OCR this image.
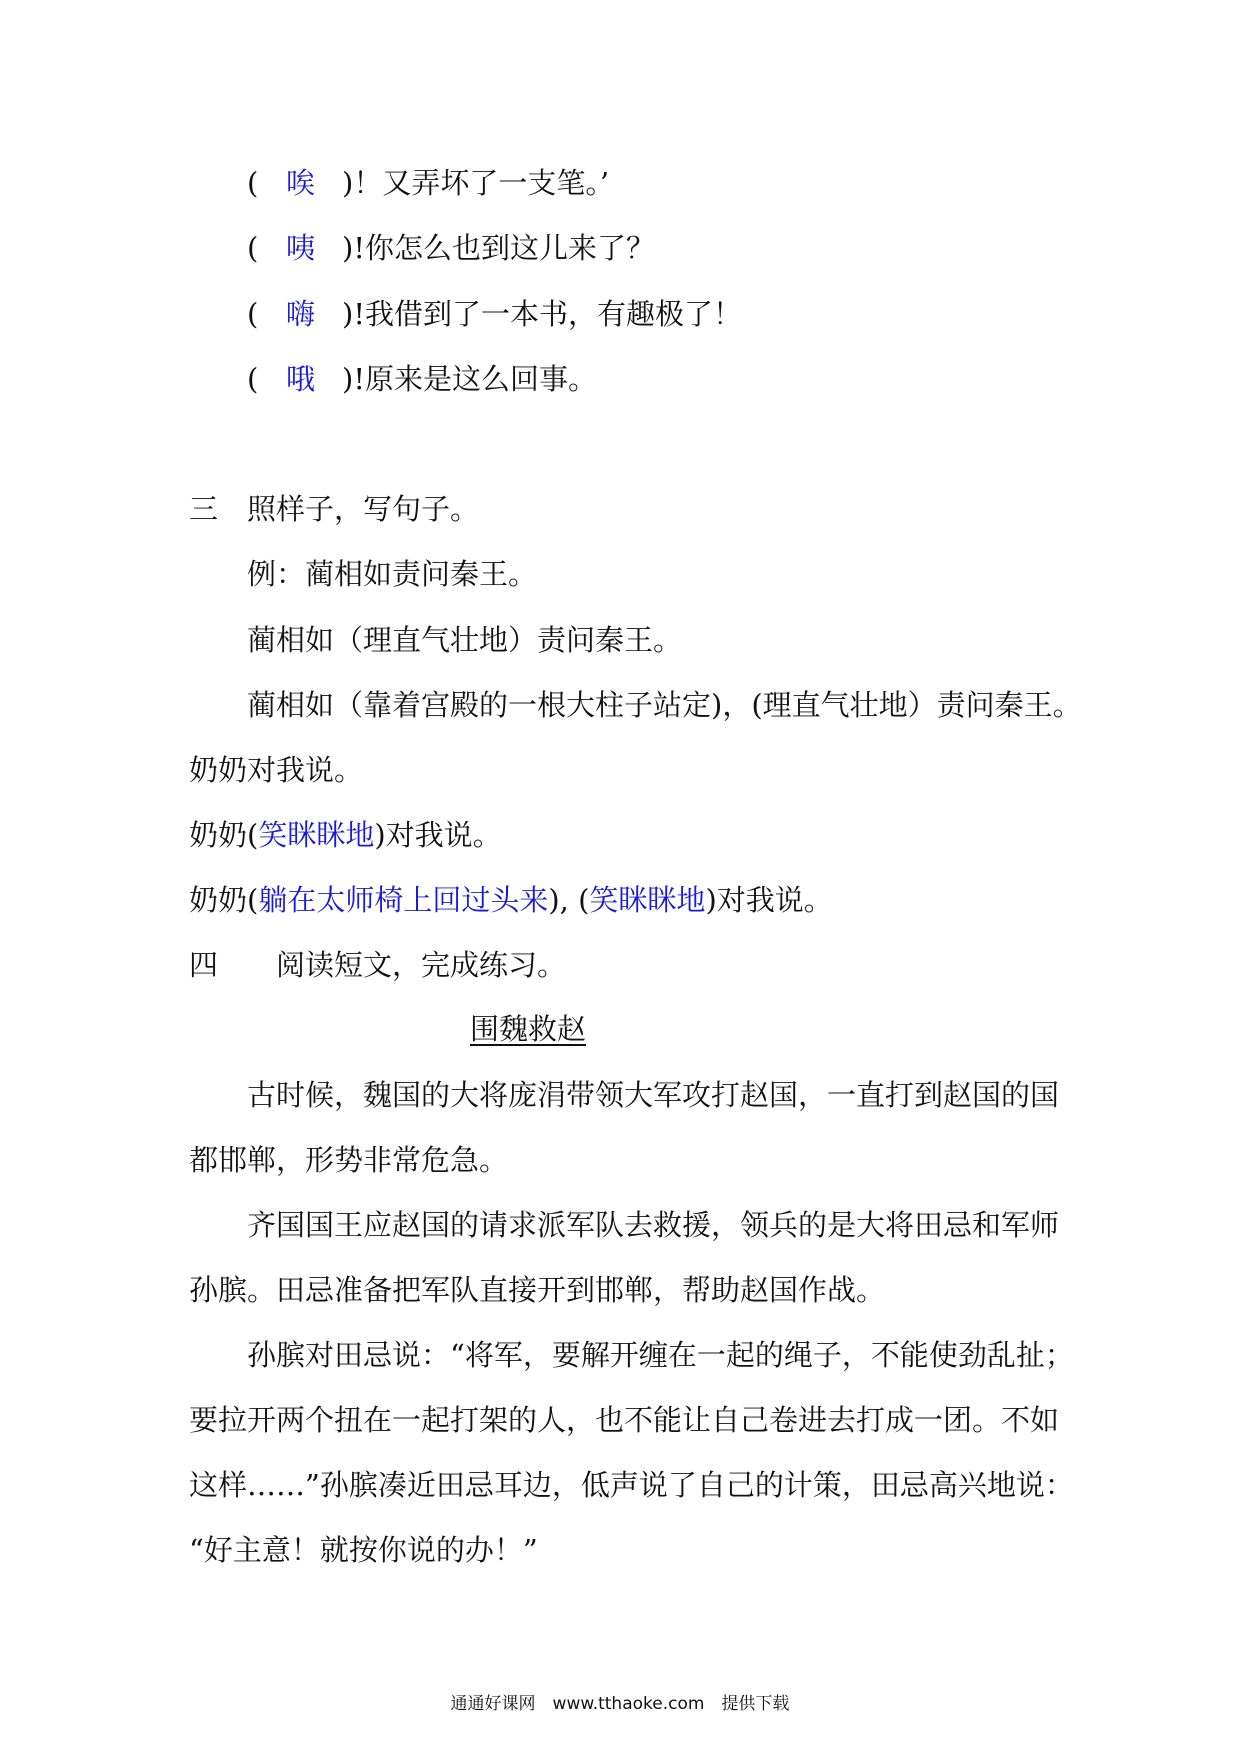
( 唉 )！又弄坏了一支笔。’
( 咦 )!你怎么也到这儿来了？
( 嗨 )!我借到了一本书，有趣极了！
( 哦 )!原来是这么回事。
三　照样子，写句子。
例：蔺相如责问秦王。
蔺相如（理直气壮地）责问秦王。
蔺相如（靠着宫殿的一根大柱子站定)，(理直气壮地）责问秦王。
奶奶对我说。
奶奶(笑眯眯地)对我说。
奶奶(躺在太师椅上回过头来), (笑眯眯地)对我说。
四　　阅读短文，完成练习。
围魏救赵
古时候，魏国的大将庞涓带领大军攻打赵国，一直打到赵国的国
都邯郸，形势非常危急。
齐国国王应赵国的请求派军队去救援，领兵的是大将田忌和军师
孙膑。田忌准备把军队直接开到邯郸，帮助赵国作战。
孙膑对田忌说：“将军，要解开缠在一起的绳子，不能使劲乱扯；
要拉开两个扭在一起打架的人，也不能让自己卷进去打成一团。不如
这样……”孙膑凑近田忌耳边，低声说了自己的计策，田忌高兴地说：
“好主意！就按你说的办！”
通通好课网　www.tthaoke.com　提供下载
